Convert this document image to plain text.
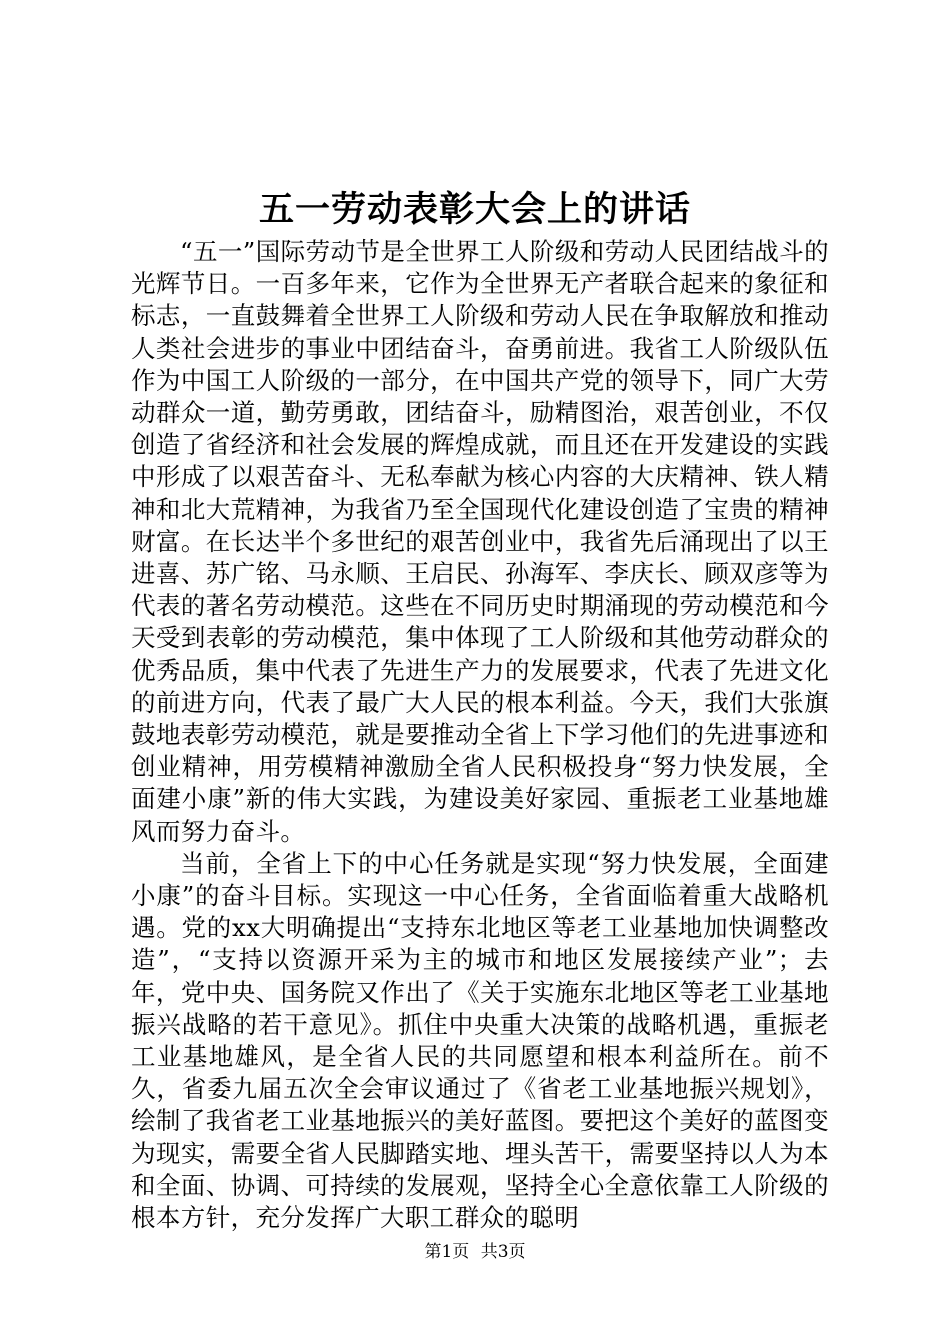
五一劳动表彰大会上的讲话

“五一”国际劳动节是全世界工人阶级和劳动人民团结战斗的光辉节日。一百多年来，它作为全世界无产者联合起来的象征和标志，一直鼓舞着全世界工人阶级和劳动人民在争取解放和推动人类社会进步的事业中团结奋斗，奋勇前进。我省工人阶级队伍作为中国工人阶级的一部分，在中国共产党的领导下，同广大劳动群众一道，勤劳勇敢，团结奋斗，励精图治，艰苦创业，不仅创造了省经济和社会发展的辉煌成就，而且还在开发建设的实践中形成了以艰苦奋斗、无私奉献为核心内容的大庆精神、铁人精神和北大荒精神，为我省乃至全国现代化建设创造了宝贵的精神财富。在长达半个多世纪的艰苦创业中，我省先后涌现出了以王进喜、苏广铭、马永顺、王启民、孙海军、李庆长、顾双彦等为代表的著名劳动模范。这些在不同历史时期涌现的劳动模范和今天受到表彰的劳动模范，集中体现了工人阶级和其他劳动群众的优秀品质，集中代表了先进生产力的发展要求，代表了先进文化的前进方向，代表了最广大人民的根本利益。今天，我们大张旗鼓地表彰劳动模范，就是要推动全省上下学习他们的先进事迹和创业精神，用劳模精神激励全省人民积极投身“努力快发展，全面建小康”新的伟大实践，为建设美好家园、重振老工业基地雄风而努力奋斗。

当前，全省上下的中心任务就是实现“努力快发展，全面建小康”的奋斗目标。实现这一中心任务，全省面临着重大战略机遇。党的xx大明确提出“支持东北地区等老工业基地加快调整改造”，“支持以资源开采为主的城市和地区发展接续产业”；去年，党中央、国务院又作出了《关于实施东北地区等老工业基地振兴战略的若干意见》。抓住中央重大决策的战略机遇，重振老工业基地雄风，是全省人民的共同愿望和根本利益所在。前不久，省委九届五次全会审议通过了《省老工业基地振兴规划》，绘制了我省老工业基地振兴的美好蓝图。要把这个美好的蓝图变为现实，需要全省人民脚踏实地、埋头苦干，需要坚持以人为本和全面、协调、可持续的发展观，坚持全心全意依靠工人阶级的根本方针，充分发挥广大职工群众的聪明

第1页 共3页
